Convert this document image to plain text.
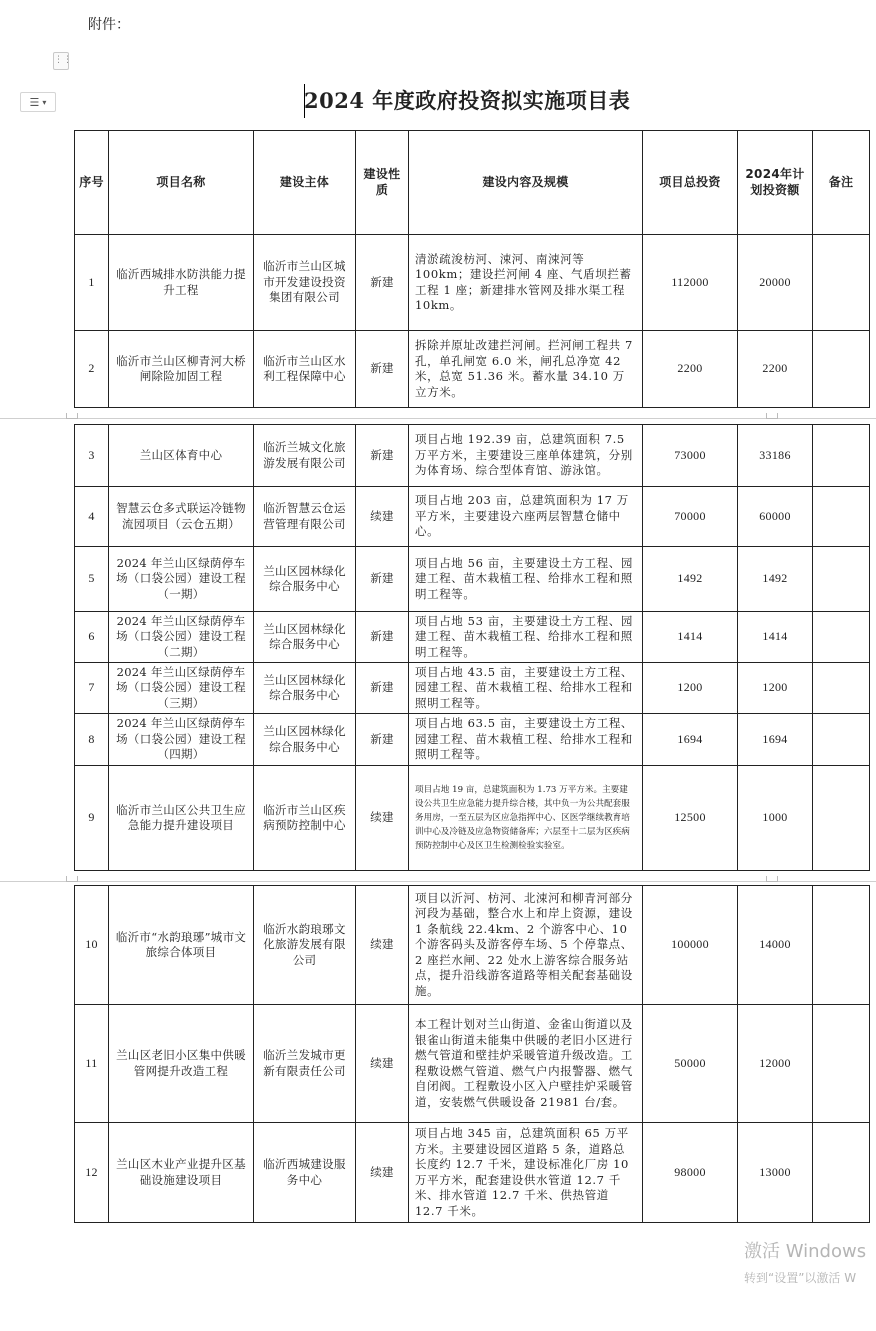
附件：
⋮⋮
☰ ▾	2024 年度政府投资拟实施项目表
序号	项目名称	建设主体	建设性质	建设内容及规模	项目总投资	2024年计划投资额	备注
1	临沂西城排水防洪能力提升工程	临沂市兰山区城市开发建设投资集团有限公司	新建	清淤疏浚枋河、涑河、南涑河等 100km；建设拦河闸 4 座、气盾坝拦蓄工程 1 座；新建排水管网及排水渠工程 10km。	112000	20000	
2	临沂市兰山区柳青河大桥闸除险加固工程	临沂市兰山区水利工程保障中心	新建	拆除并原址改建拦河闸。拦河闸工程共 7 孔，单孔闸宽 6.0 米，闸孔总净宽 42 米，总宽 51.36 米。蓄水量 34.10 万立方米。	2200	2200	
3	兰山区体育中心	临沂兰城文化旅游发展有限公司	新建	项目占地 192.39 亩，总建筑面积 7.5 万平方米，主要建设三座单体建筑，分别为体育场、综合型体育馆、游泳馆。	73000	33186	
4	智慧云仓多式联运冷链物流园项目（云仓五期）	临沂智慧云仓运营管理有限公司	续建	项目占地 203 亩，总建筑面积为 17 万平方米，主要建设六座两层智慧仓储中心。	70000	60000	
5	2024 年兰山区绿荫停车场（口袋公园）建设工程（一期）	兰山区园林绿化综合服务中心	新建	项目占地 56 亩，主要建设土方工程、园建工程、苗木栽植工程、给排水工程和照明工程等。	1492	1492	
6	2024 年兰山区绿荫停车场（口袋公园）建设工程（二期）	兰山区园林绿化综合服务中心	新建	项目占地 53 亩，主要建设土方工程、园建工程、苗木栽植工程、给排水工程和照明工程等。	1414	1414	
7	2024 年兰山区绿荫停车场（口袋公园）建设工程（三期）	兰山区园林绿化综合服务中心	新建	项目占地 43.5 亩，主要建设土方工程、园建工程、苗木栽植工程、给排水工程和照明工程等。	1200	1200	
8	2024 年兰山区绿荫停车场（口袋公园）建设工程（四期）	兰山区园林绿化综合服务中心	新建	项目占地 63.5 亩，主要建设土方工程、园建工程、苗木栽植工程、给排水工程和照明工程等。	1694	1694	
9	临沂市兰山区公共卫生应急能力提升建设项目	临沂市兰山区疾病预防控制中心	续建	项目占地 19 亩，总建筑面积为 1.73 万平方米。主要建设公共卫生应急能力提升综合楼，其中负一为公共配套服务用房，一至五层为区应急指挥中心、区医学继续教育培训中心及冷链及应急物资储备库；六层至十二层为区疾病预防控制中心及区卫生检测检验实验室。	12500	1000	
10	临沂市“水韵琅琊”城市文旅综合体项目	临沂水韵琅琊文化旅游发展有限公司	续建	项目以沂河、枋河、北涑河和柳青河部分河段为基础，整合水上和岸上资源，建设 1 条航线 22.4km、2 个游客中心、10 个游客码头及游客停车场、5 个停靠点、2 座拦水闸、22 处水上游客综合服务站点，提升沿线游客道路等相关配套基础设施。	100000	14000	
11	兰山区老旧小区集中供暖管网提升改造工程	临沂兰发城市更新有限责任公司	续建	本工程计划对兰山街道、金雀山街道以及银雀山街道未能集中供暖的老旧小区进行燃气管道和壁挂炉采暖管道升级改造。工程敷设燃气管道、燃气户内报警器、燃气自闭阀。工程敷设小区入户壁挂炉采暖管道，安装燃气供暖设备 21981 台/套。	50000	12000	
12	兰山区木业产业提升区基础设施建设项目	临沂西城建设服务中心	续建	项目占地 345 亩，总建筑面积 65 万平方米。主要建设园区道路 5 条，道路总长度约 12.7 千米，建设标准化厂房 10 万平方米，配套建设供水管道 12.7 千米、排水管道 12.7 千米、供热管道 12.7 千米。	98000	13000	
激活 Windows
转到“设置”以激活 W
